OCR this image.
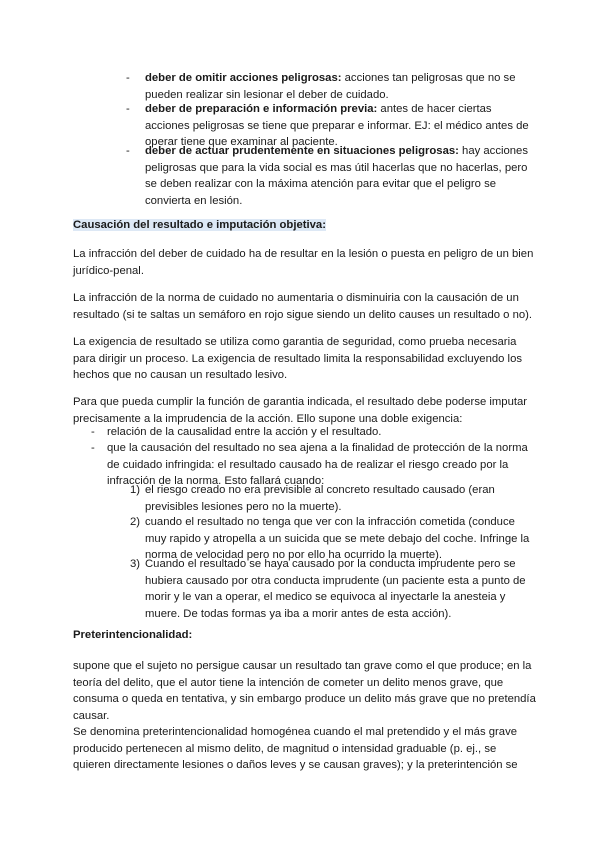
- deber de omitir acciones peligrosas: acciones tan peligrosas que no se
pueden realizar sin lesionar el deber de cuidado.
- deber de preparación e información previa: antes de hacer ciertas
acciones peligrosas se tiene que preparar e informar. EJ: el médico antes de
operar tiene que examinar al paciente.
- deber de actuar prudentemente en situaciones peligrosas: hay acciones
peligrosas que para la vida social es mas útil hacerlas que no hacerlas, pero
se deben realizar con la máxima atención para evitar que el peligro se
convierta en lesión.
Causación del resultado e imputación objetiva:
La infracción del deber de cuidado ha de resultar en la lesión o puesta en peligro de un bien
jurídico-penal.
La infracción de la norma de cuidado no aumentaria o disminuiria con la causación de un
resultado (si te saltas un semáforo en rojo sigue siendo un delito causes un resultado o no).
La exigencia de resultado se utiliza como garantia de seguridad, como prueba necesaria
para dirigir un proceso. La exigencia de resultado limita la responsabilidad excluyendo los
hechos que no causan un resultado lesivo.
Para que pueda cumplir la función de garantia indicada, el resultado debe poderse imputar
precisamente a la imprudencia de la acción. Ello supone una doble exigencia:
- relación de la causalidad entre la acción y el resultado.
- que la causación del resultado no sea ajena a la finalidad de protección de la norma
de cuidado infringida: el resultado causado ha de realizar el riesgo creado por la
infracción de la norma. Esto fallará cuando:
1) el riesgo creado no era previsible al concreto resultado causado (eran
previsibles lesiones pero no la muerte).
2) cuando el resultado no tenga que ver con la infracción cometida (conduce
muy rapido y atropella a un suicida que se mete debajo del coche. Infringe la
norma de velocidad pero no por ello ha ocurrido la muerte).
3) Cuando el resultado se haya causado por la conducta imprudente pero se
hubiera causado por otra conducta imprudente (un paciente esta a punto de
morir y le van a operar, el medico se equivoca al inyectarle la anesteia y
muere. De todas formas ya iba a morir antes de esta acción).
Preterintencionalidad:
supone que el sujeto no persigue causar un resultado tan grave como el que produce; en la
teoría del delito, que el autor tiene la intención de cometer un delito menos grave, que
consuma o queda en tentativa, y sin embargo produce un delito más grave que no pretendía
causar.
Se denomina preterintencionalidad homogénea cuando el mal pretendido y el más grave
producido pertenecen al mismo delito, de magnitud o intensidad graduable (p. ej., se
quieren directamente lesiones o daños leves y se causan graves); y la preterintención se
